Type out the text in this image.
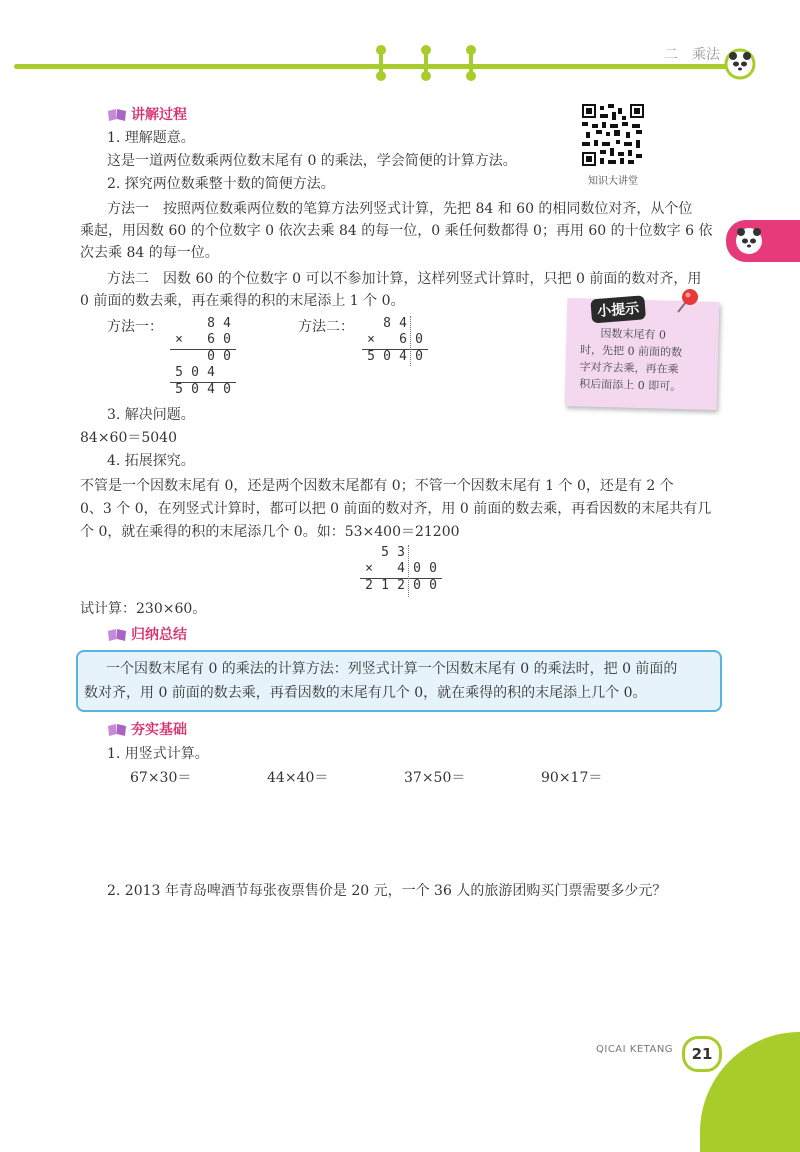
二　乘法
知识大讲堂
讲解过程
1. 理解题意。
这是一道两位数乘两位数末尾有 0 的乘法，学会简便的计算方法。
2. 探究两位数乘整十数的简便方法。
方法一　按照两位数乘两位数的笔算方法列竖式计算，先把 84 和 60 的相同数位对齐，从个位
乘起，用因数 60 的个位数字 0 依次去乘 84 的每一位，0 乘任何数都得 0；再用 60 的十位数字 6 依
次去乘 84 的每一位。
方法二　因数 60 的个位数字 0 可以不参加计算，这样列竖式计算时，只把 0 前面的数对齐，用
0 前面的数去乘，再在乘得的积的末尾添上 1 个 0。
方法一：	方法二：
8 4
× 6 0
0 0
5 0 4
5 0 4 0
8 4
× 6 0
5 0 4 0
小提示
因数末尾有 0
时，先把 0 前面的数
字对齐去乘，再在乘
积后面添上 0 即可。
3. 解决问题。
84×60＝5040
4. 拓展探究。
不管是一个因数末尾有 0，还是两个因数末尾都有 0；不管一个因数末尾有 1 个 0，还是有 2 个
0、3 个 0，在列竖式计算时，都可以把 0 前面的数对齐，用 0 前面的数去乘，再看因数的末尾共有几
个 0，就在乘得的积的末尾添几个 0。如：53×400＝21200
5 3
× 4 0 0
2 1 2 0 0
试计算：230×60。
归纳总结
一个因数末尾有 0 的乘法的计算方法：列竖式计算一个因数末尾有 0 的乘法时，把 0 前面的
数对齐，用 0 前面的数去乘，再看因数的末尾有几个 0，就在乘得的积的末尾添上几个 0。
夯实基础
1. 用竖式计算。
67×30＝	44×40＝	37×50＝	90×17＝
2. 2013 年青岛啤酒节每张夜票售价是 20 元，一个 36 人的旅游团购买门票需要多少元？
QICAI KETANG	21
